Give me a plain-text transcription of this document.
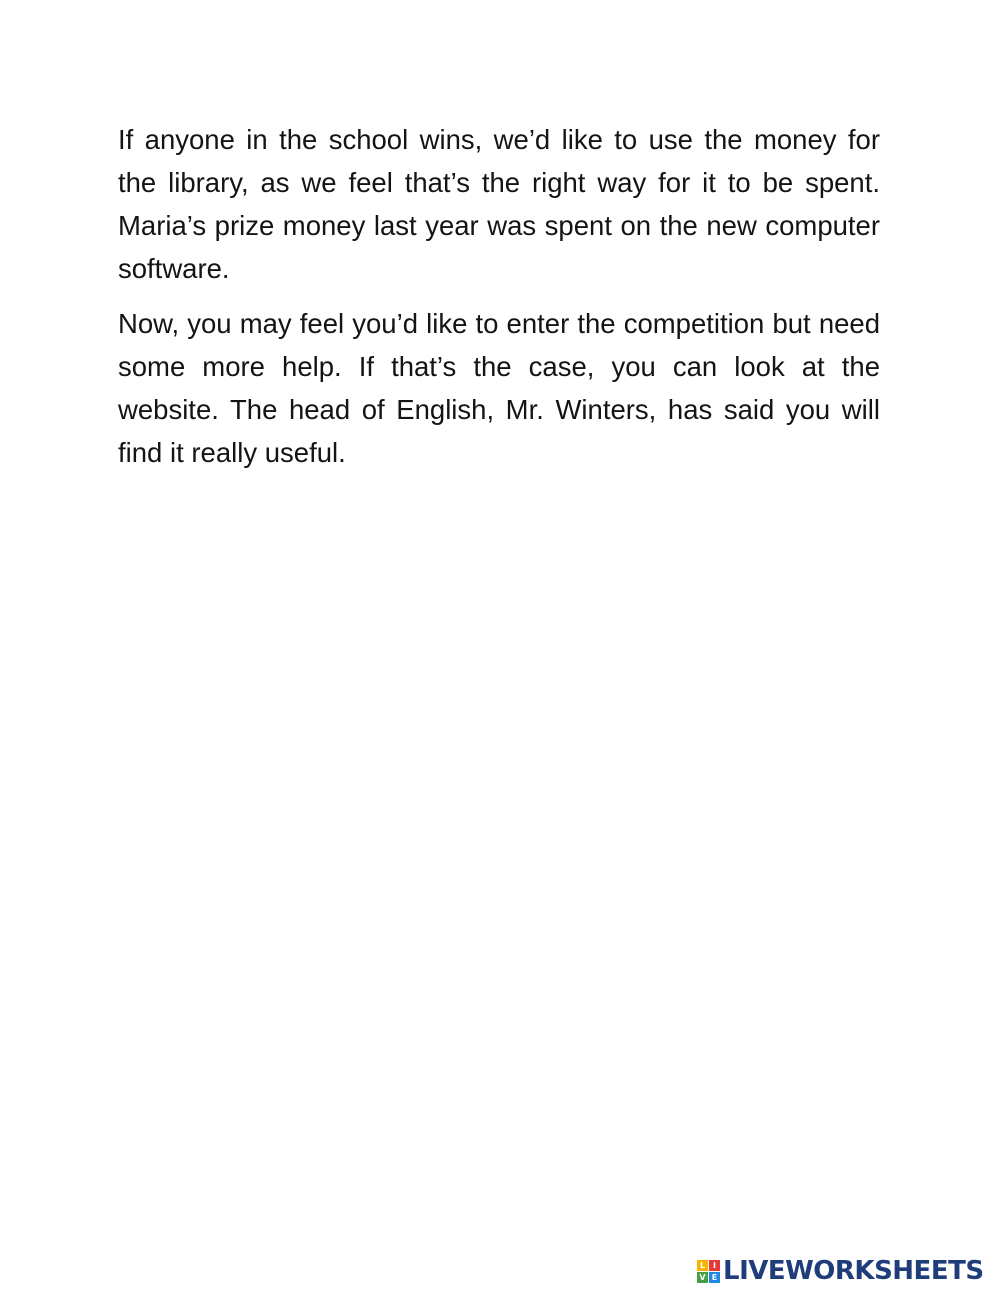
If anyone in the school wins, we’d like to use the money for the library, as we feel that’s the right way for it to be spent. Maria’s prize money last year was spent on the new computer software.

Now, you may feel you’d like to enter the competition but need some more help. If that’s the case, you can look at the website. The head of English, Mr. Winters, has said you will find it really useful.

L I
V E LIVEWORKSHEETS
